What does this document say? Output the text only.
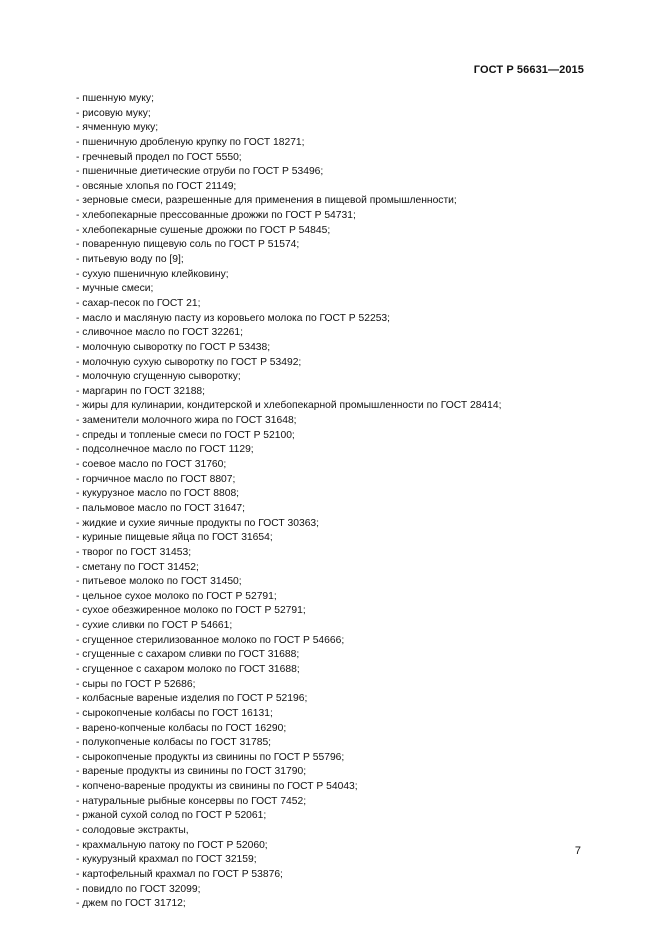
ГОСТ Р 56631—2015
- пшенную муку;
- рисовую муку;
- ячменную муку;
- пшеничную дробленую крупку по ГОСТ 18271;
- гречневый продел по ГОСТ 5550;
- пшеничные диетические отруби по ГОСТ Р 53496;
- овсяные хлопья по ГОСТ 21149;
- зерновые смеси, разрешенные для применения в пищевой промышленности;
- хлебопекарные прессованные дрожжи по ГОСТ Р 54731;
- хлебопекарные сушеные дрожжи по ГОСТ Р 54845;
- поваренную пищевую соль по ГОСТ Р 51574;
- питьевую воду по [9];
- сухую пшеничную клейковину;
- мучные смеси;
- сахар-песок по ГОСТ 21;
- масло и масляную пасту из коровьего молока по ГОСТ Р 52253;
- сливочное масло по ГОСТ 32261;
- молочную сыворотку по ГОСТ Р 53438;
- молочную сухую сыворотку по ГОСТ Р 53492;
- молочную сгущенную сыворотку;
- маргарин по ГОСТ 32188;
- жиры для кулинарии, кондитерской и хлебопекарной промышленности по ГОСТ 28414;
- заменители молочного жира по ГОСТ 31648;
- спреды и топленые смеси по ГОСТ Р 52100;
- подсолнечное масло по ГОСТ 1129;
- соевое масло по ГОСТ 31760;
- горчичное масло по ГОСТ 8807;
- кукурузное масло по ГОСТ 8808;
- пальмовое масло по ГОСТ 31647;
- жидкие и сухие яичные продукты по ГОСТ 30363;
- куриные пищевые яйца по ГОСТ 31654;
- творог по ГОСТ 31453;
- сметану по ГОСТ 31452;
- питьевое молоко по ГОСТ 31450;
- цельное сухое молоко по ГОСТ Р 52791;
- сухое обезжиренное молоко по ГОСТ Р 52791;
- сухие сливки по ГОСТ Р 54661;
- сгущенное стерилизованное молоко по ГОСТ Р 54666;
- сгущенные с сахаром сливки по ГОСТ 31688;
- сгущенное с сахаром молоко по ГОСТ 31688;
- сыры по ГОСТ Р 52686;
- колбасные вареные изделия по ГОСТ Р 52196;
- сырокопченые колбасы по ГОСТ 16131;
- варено-копченые колбасы по ГОСТ 16290;
- полукопченые колбасы по ГОСТ 31785;
- сырокопченые продукты из свинины по ГОСТ Р 55796;
- вареные продукты из свинины по ГОСТ 31790;
- копчено-вареные продукты из свинины по ГОСТ Р 54043;
- натуральные рыбные консервы по ГОСТ 7452;
- ржаной сухой солод по ГОСТ Р 52061;
- солодовые экстракты,
- крахмальную патоку по ГОСТ Р 52060;
- кукурузный крахмал по ГОСТ 32159;
- картофельный крахмал по ГОСТ Р 53876;
- повидло по ГОСТ 32099;
- джем по ГОСТ 31712;
7
